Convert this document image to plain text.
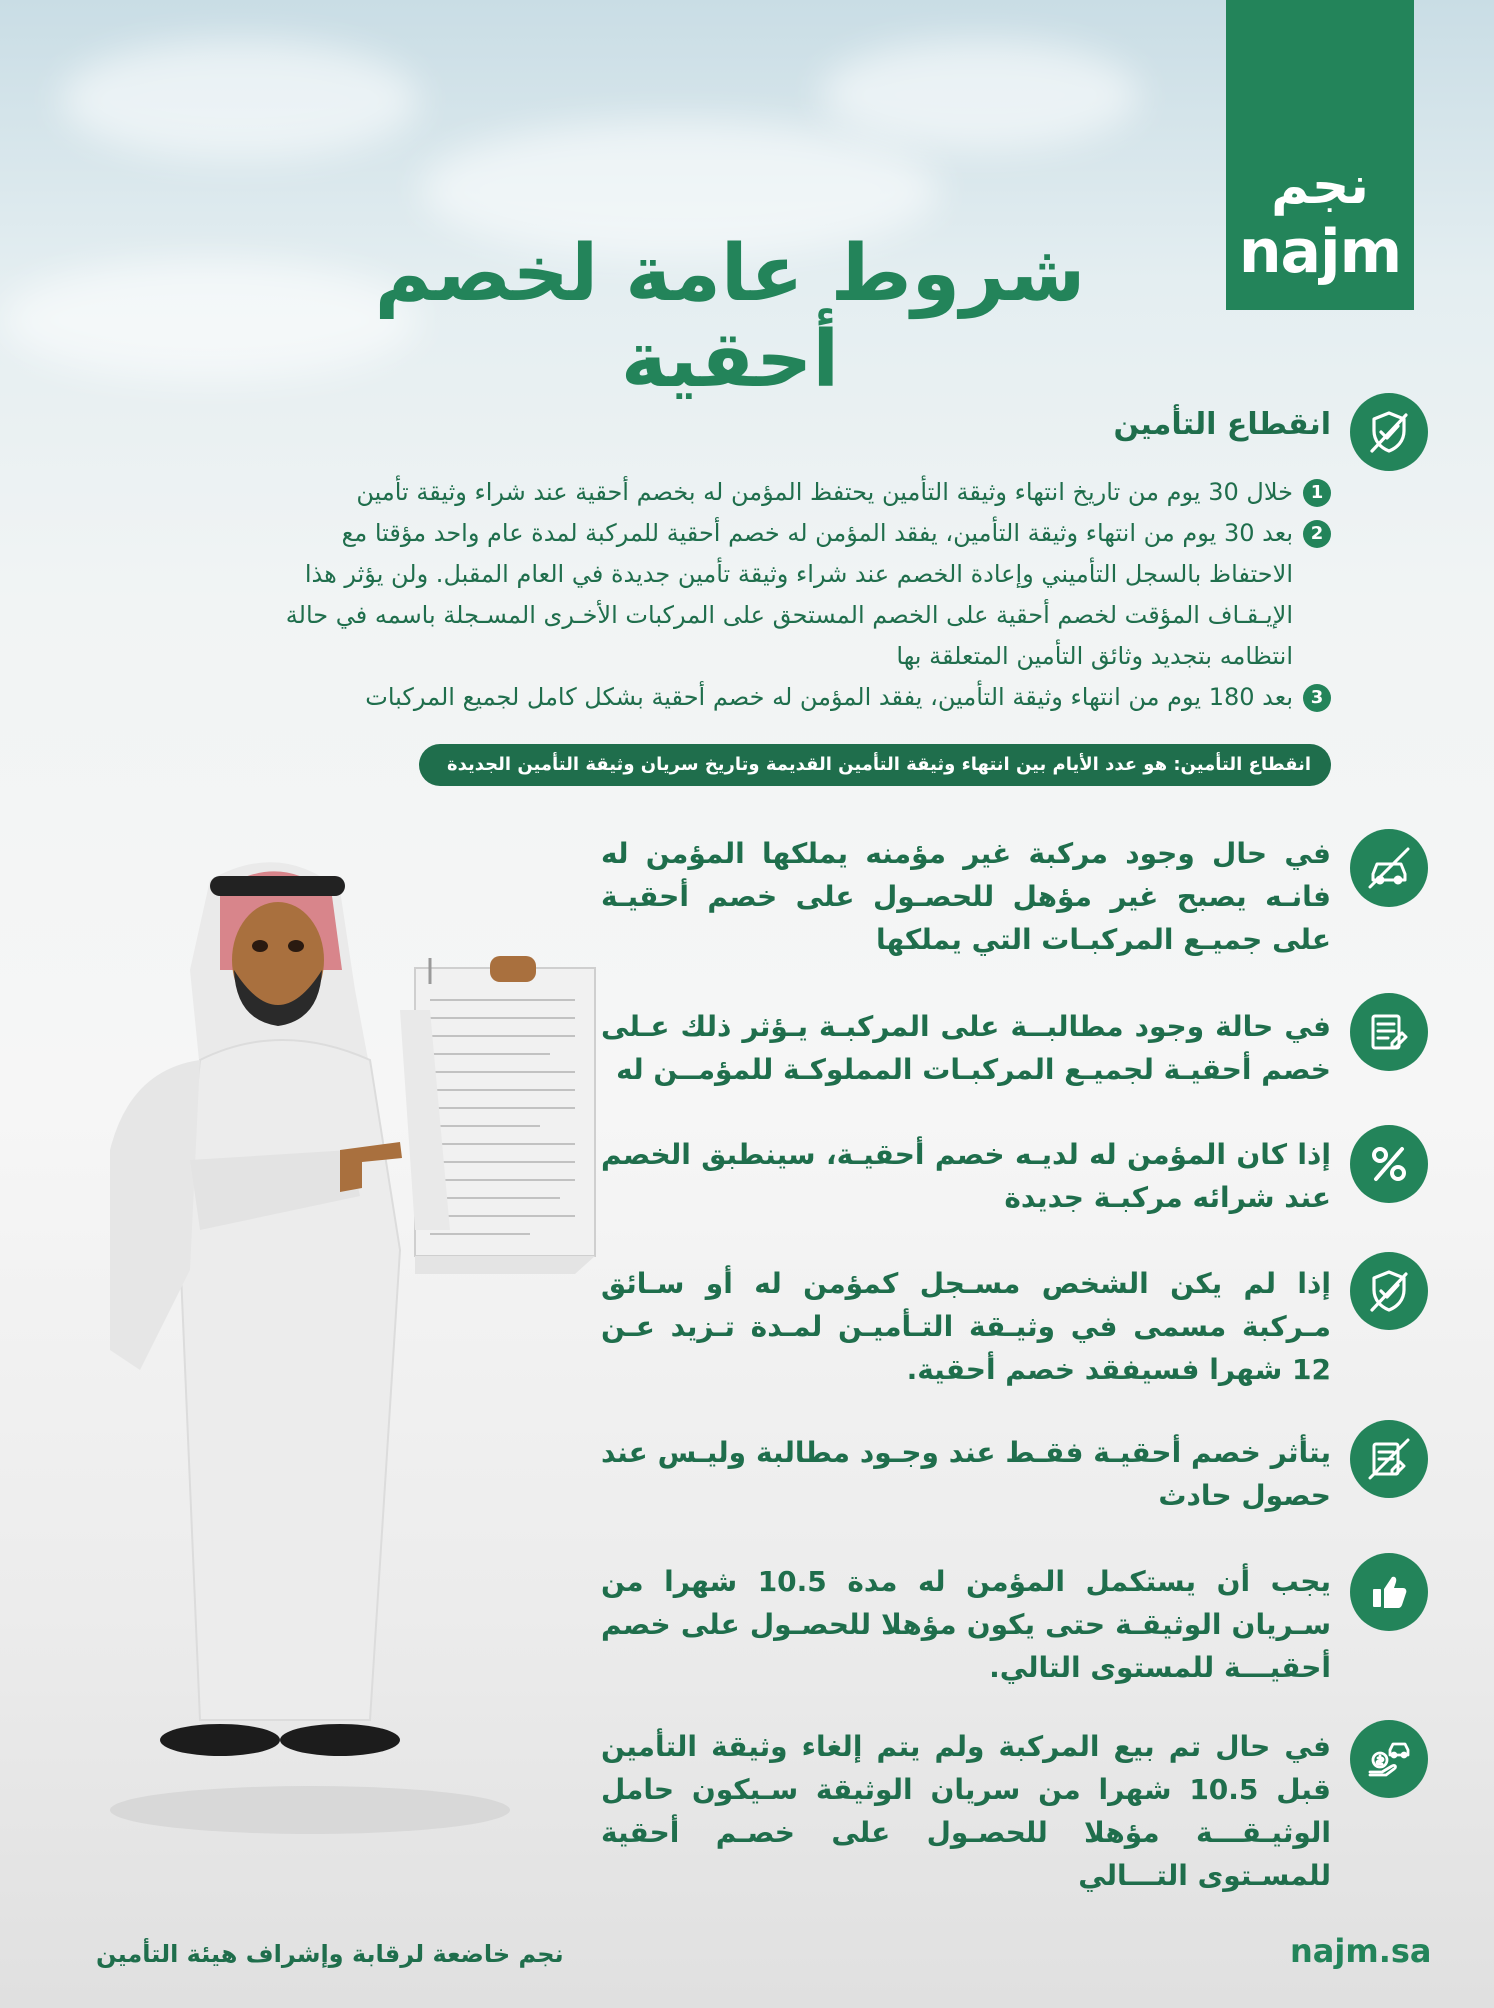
نجم
najm
شروط عامة لخصم أحقية
انقطاع التأمين
1
خلال 30 يوم من تاريخ انتهاء وثيقة التأمين يحتفظ المؤمن له بخصم أحقية عند شراء وثيقة تأمين
2
بعد 30 يوم من انتهاء وثيقة التأمين، يفقد المؤمن له خصم أحقية للمركبة لمدة عام واحد مؤقتا مع الاحتفاظ بالسجل التأميني وإعادة الخصم عند شراء وثيقة تأمين جديدة في العام المقبل. ولن يؤثر هذا الإيـقـاف المؤقت لخصم أحقية على الخصم المستحق على المركبات الأخـرى المسـجلة باسمه في حالة انتظامه بتجديد وثائق التأمين المتعلقة بها
3
بعد 180 يوم من انتهاء وثيقة التأمين، يفقد المؤمن له خصم أحقية بشكل كامل لجميع المركبات
انقطاع التأمين: هو عدد الأيام بين انتهاء وثيقة التأمين القديمة وتاريخ سريان وثيقة التأمين الجديدة
في حال وجود مركبة غير مؤمنه يملكها المؤمن له فانـه يصبح غير مؤهل للحصـول على خصم أحقيـة على جميـع المركبـات التي يملكها
في حالة وجود مطالبــة على المركبـة يـؤثر ذلك عـلى خصم أحقيـة لجميـع المركبـات المملوكـة للمؤمــن له
إذا كان المؤمن له لديـه خصم أحقيـة، سينطبق الخصم عند شرائه مركبـة جديدة
إذا لم يكن الشخص مسـجل كمؤمن له أو سـائق مـركبة مسمى في وثيـقة التـأميـن لمـدة تـزيد عـن 12 شهرا فسيفقد خصم أحقية.
يتأثر خصم أحقيـة فقـط عند وجـود مطالبة وليـس عند حصول حادث
يجب أن يستكمل المؤمن له مدة 10.5 شهرا من سـريان الوثيقـة حتى يكون مؤهلا للحصـول على خصم أحقيـــة للمستوى التالي.
في حال تم بيع المركبة ولم يتم إلغاء وثيقة التأمين قبل 10.5 شهرا من سريان الوثيقة سـيكون حامل الوثيـقـــة مؤهلا للحصـول على خصـم أحقية للمسـتوى التـــالي
نجم خاضعة لرقابة وإشراف هيئة التأمين	najm.sa
